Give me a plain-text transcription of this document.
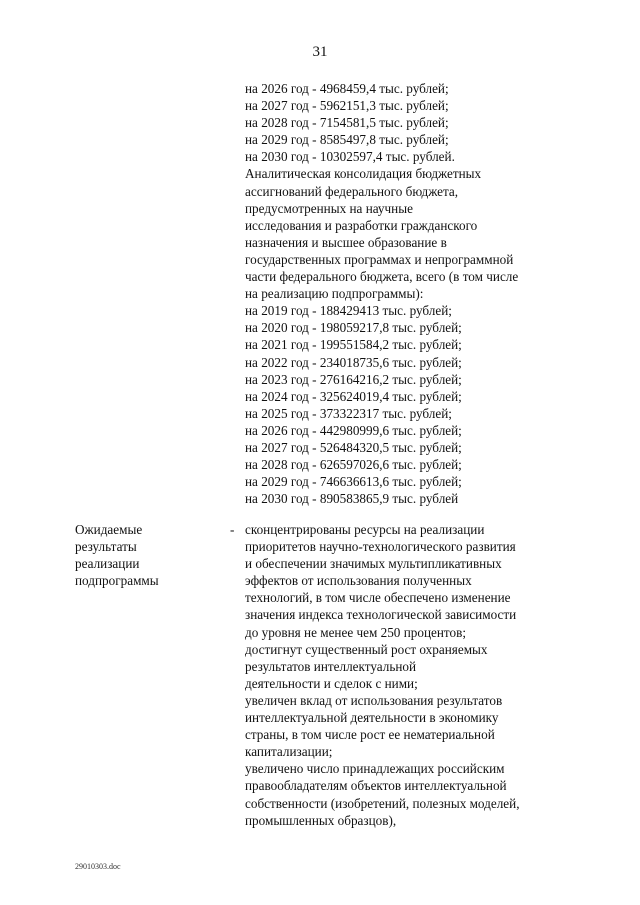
31
на 2026 год - 4968459,4 тыс. рублей;
на 2027 год - 5962151,3 тыс. рублей;
на 2028 год - 7154581,5 тыс. рублей;
на 2029 год - 8585497,8 тыс. рублей;
на 2030 год - 10302597,4 тыс. рублей.
Аналитическая консолидация бюджетных
ассигнований федерального бюджета,
предусмотренных на научные
исследования и разработки гражданского
назначения и высшее образование в
государственных программах и непрограммной
части федерального бюджета, всего (в том числе
на реализацию подпрограммы):
на 2019 год - 188429413 тыс. рублей;
на 2020 год - 198059217,8 тыс. рублей;
на 2021 год - 199551584,2 тыс. рублей;
на 2022 год - 234018735,6 тыс. рублей;
на 2023 год - 276164216,2 тыс. рублей;
на 2024 год - 325624019,4 тыс. рублей;
на 2025 год - 373322317 тыс. рублей;
на 2026 год - 442980999,6 тыс. рублей;
на 2027 год - 526484320,5 тыс. рублей;
на 2028 год - 626597026,6 тыс. рублей;
на 2029 год - 746636613,6 тыс. рублей;
на 2030 год - 890583865,9 тыс. рублей
Ожидаемые
результаты
реализации
подпрограммы
- сконцентрированы ресурсы на реализации
приоритетов научно-технологического развития
и обеспечении значимых мультипликативных
эффектов от использования полученных
технологий, в том числе обеспечено изменение
значения индекса технологической зависимости
до уровня не менее чем 250 процентов;
достигнут существенный рост охраняемых
результатов интеллектуальной
деятельности и сделок с ними;
увеличен вклад от использования результатов
интеллектуальной деятельности в экономику
страны, в том числе рост ее нематериальной
капитализации;
увеличено число принадлежащих российским
правообладателям объектов интеллектуальной
собственности (изобретений, полезных моделей,
промышленных образцов),
29010303.doc
